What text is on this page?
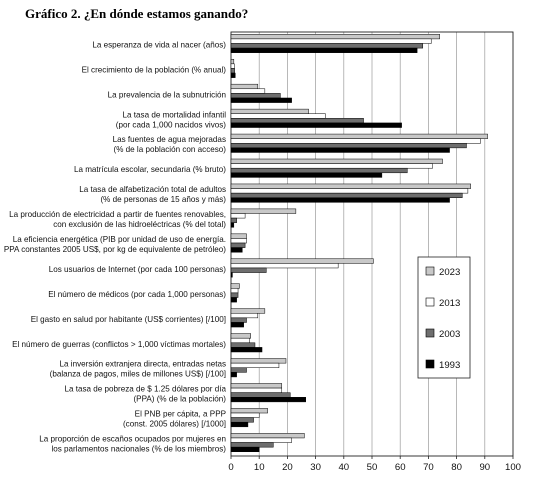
Gráfico 2. ¿En dónde estamos ganando?
La esperanza de vida al nacer (años)
El crecimiento de la población (% anual)
La prevalencia de la subnutrición
La tasa de mortalidad infantil (por cada 1,000 nacidos vivos)
Las fuentes de agua mejoradas (% de la población con acceso)
La matrícula escolar, secundaria (% bruto)
La tasa de alfabetización total de adultos (% de personas de 15 años y más)
La producción de electricidad a partir de fuentes renovables, con exclusión de las hidroeléctricas (% del total)
La eficiencia energética (PIB por unidad de uso de energía. PPA constantes 2005 US$, por kg de equivalente de petróleo)
Los usuarios de Internet (por cada 100 personas)
El número de médicos (por cada 1,000 personas)
El gasto en salud por habitante (US$ corrientes) [/100]
El número de guerras (conflictos > 1,000 víctimas mortales)
La inversión extranjera directa, entradas netas (balanza de pagos, miles de millones US$) [/100]
La tasa de pobreza de $ 1.25 dólares por día (PPA) (% de la población)
El PNB per cápita, a PPP (const. 2005 dólares) [/1000]
La proporción de escaños ocupados por mujeres en los parlamentos nacionales (% de los miembros)
0 10 20 30 40 50 60 70 80 90 100
2023
2013
2003
1993
